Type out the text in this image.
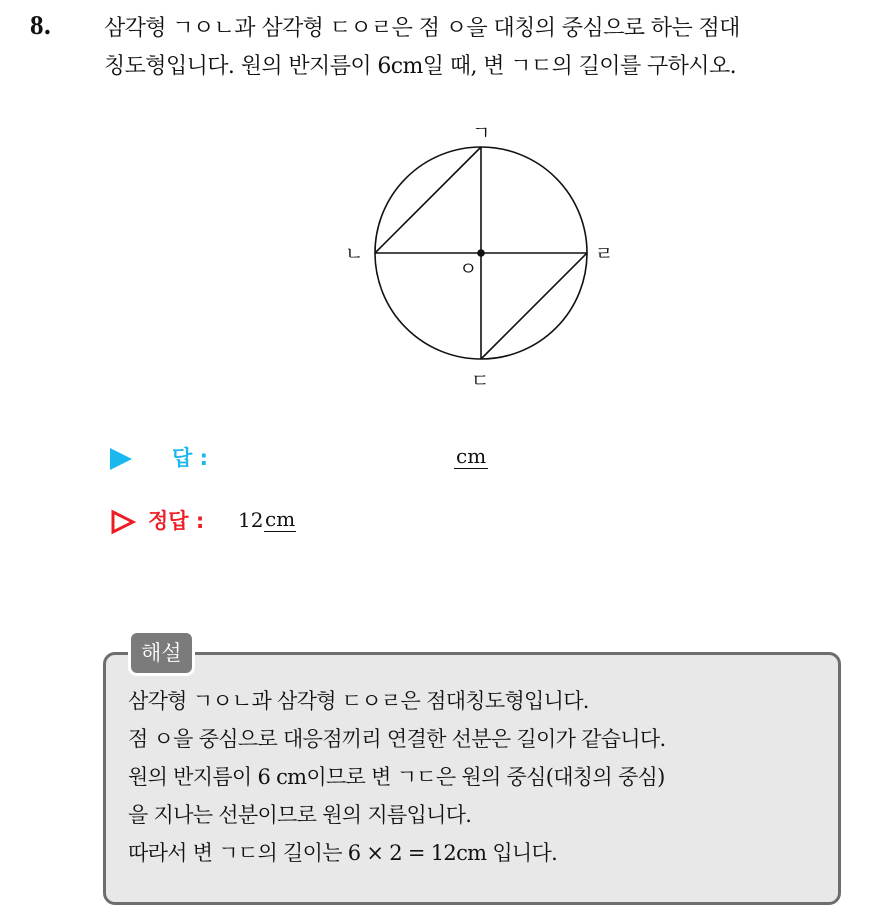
8. 삼각형 ㄱㅇㄴ과 삼각형 ㄷㅇㄹ은 점 ㅇ을 대칭의 중심으로 하는 점대
칭도형입니다. 원의 반지름이 6cm일 때, 변 ㄱㄷ의 길이를 구하시오.
ㄱ
ㄴ
ㅇ
ㄹ
ㄷ
답 :	cm
정답 : 12 cm
해설
삼각형 ㄱㅇㄴ과 삼각형 ㄷㅇㄹ은 점대칭도형입니다.
점 ㅇ을 중심으로 대응점끼리 연결한 선분은 길이가 같습니다.
원의 반지름이 6 cm이므로 변 ㄱㄷ은 원의 중심(대칭의 중심)
을 지나는 선분이므로 원의 지름입니다.
따라서 변 ㄱㄷ의 길이는 6 × 2 = 12cm 입니다.
